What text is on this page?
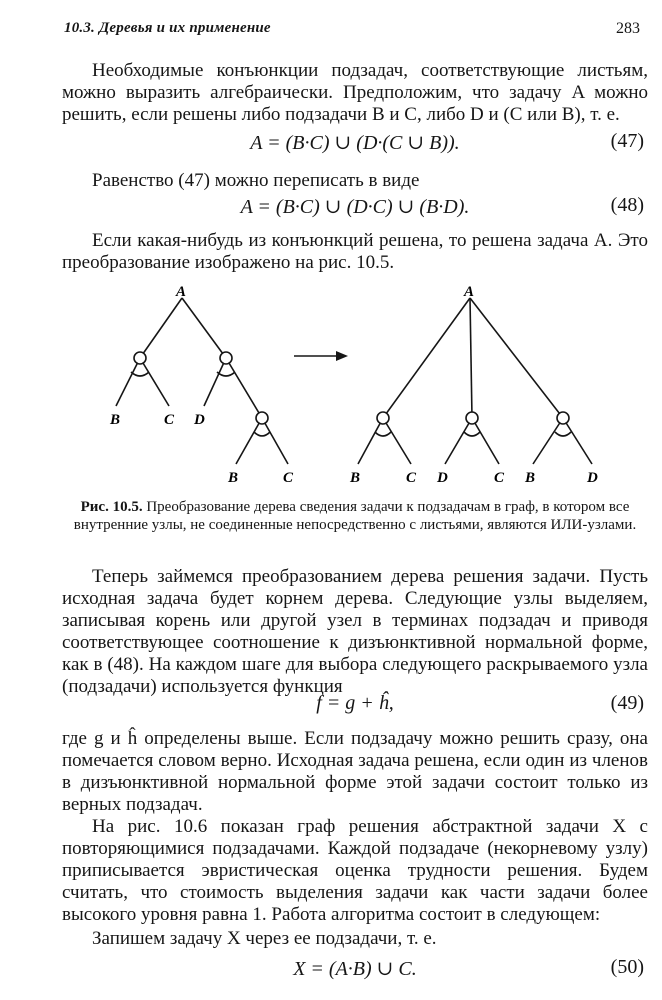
10.3. Деревья и их применение	283
Необходимые конъюнкции подзадач, соответствующие листьям, можно выразить алгебраически. Предположим, что задачу A можно решить, если решены либо подзадачи B и C, либо D и (C или B), т. е.
A = (B·C) ∪ (D·(C ∪ B)).	(47)
Равенство (47) можно переписать в виде
A = (B·C) ∪ (D·C) ∪ (B·D).	(48)
Если какая-нибудь из конъюнкций решена, то решена задача A. Это преобразование изображено на рис. 10.5.
A
B	C D
B	C
A
B	C D	C B	D
Рис. 10.5. Преобразование дерева сведения задачи к подзадачам в граф, в котором все внутренние узлы, не соединенные непосредственно с листьями, являются ИЛИ-узлами.
Теперь займемся преобразованием дерева решения задачи. Пусть исходная задача будет корнем дерева. Следующие узлы выделяем, записывая корень или другой узел в терминах подзадач и приводя соответствующее соотношение к дизъюнктивной нормальной форме, как в (48). На каждом шаге для выбора следующего раскрываемого узла (подзадачи) используется функция
f = g + ĥ,	(49)
где g и ĥ определены выше. Если подзадачу можно решить сразу, она помечается словом верно. Исходная задача решена, если один из членов в дизъюнктивной нормальной форме этой задачи состоит только из верных подзадач.
На рис. 10.6 показан граф решения абстрактной задачи X с повторяющимися подзадачами. Каждой подзадаче (некорневому узлу) приписывается эвристическая оценка трудности решения. Будем считать, что стоимость выделения задачи как части задачи более высокого уровня равна 1. Работа алгоритма состоит в следующем:
Запишем задачу X через ее подзадачи, т. е.
X = (A·B) ∪ C.	(50)
